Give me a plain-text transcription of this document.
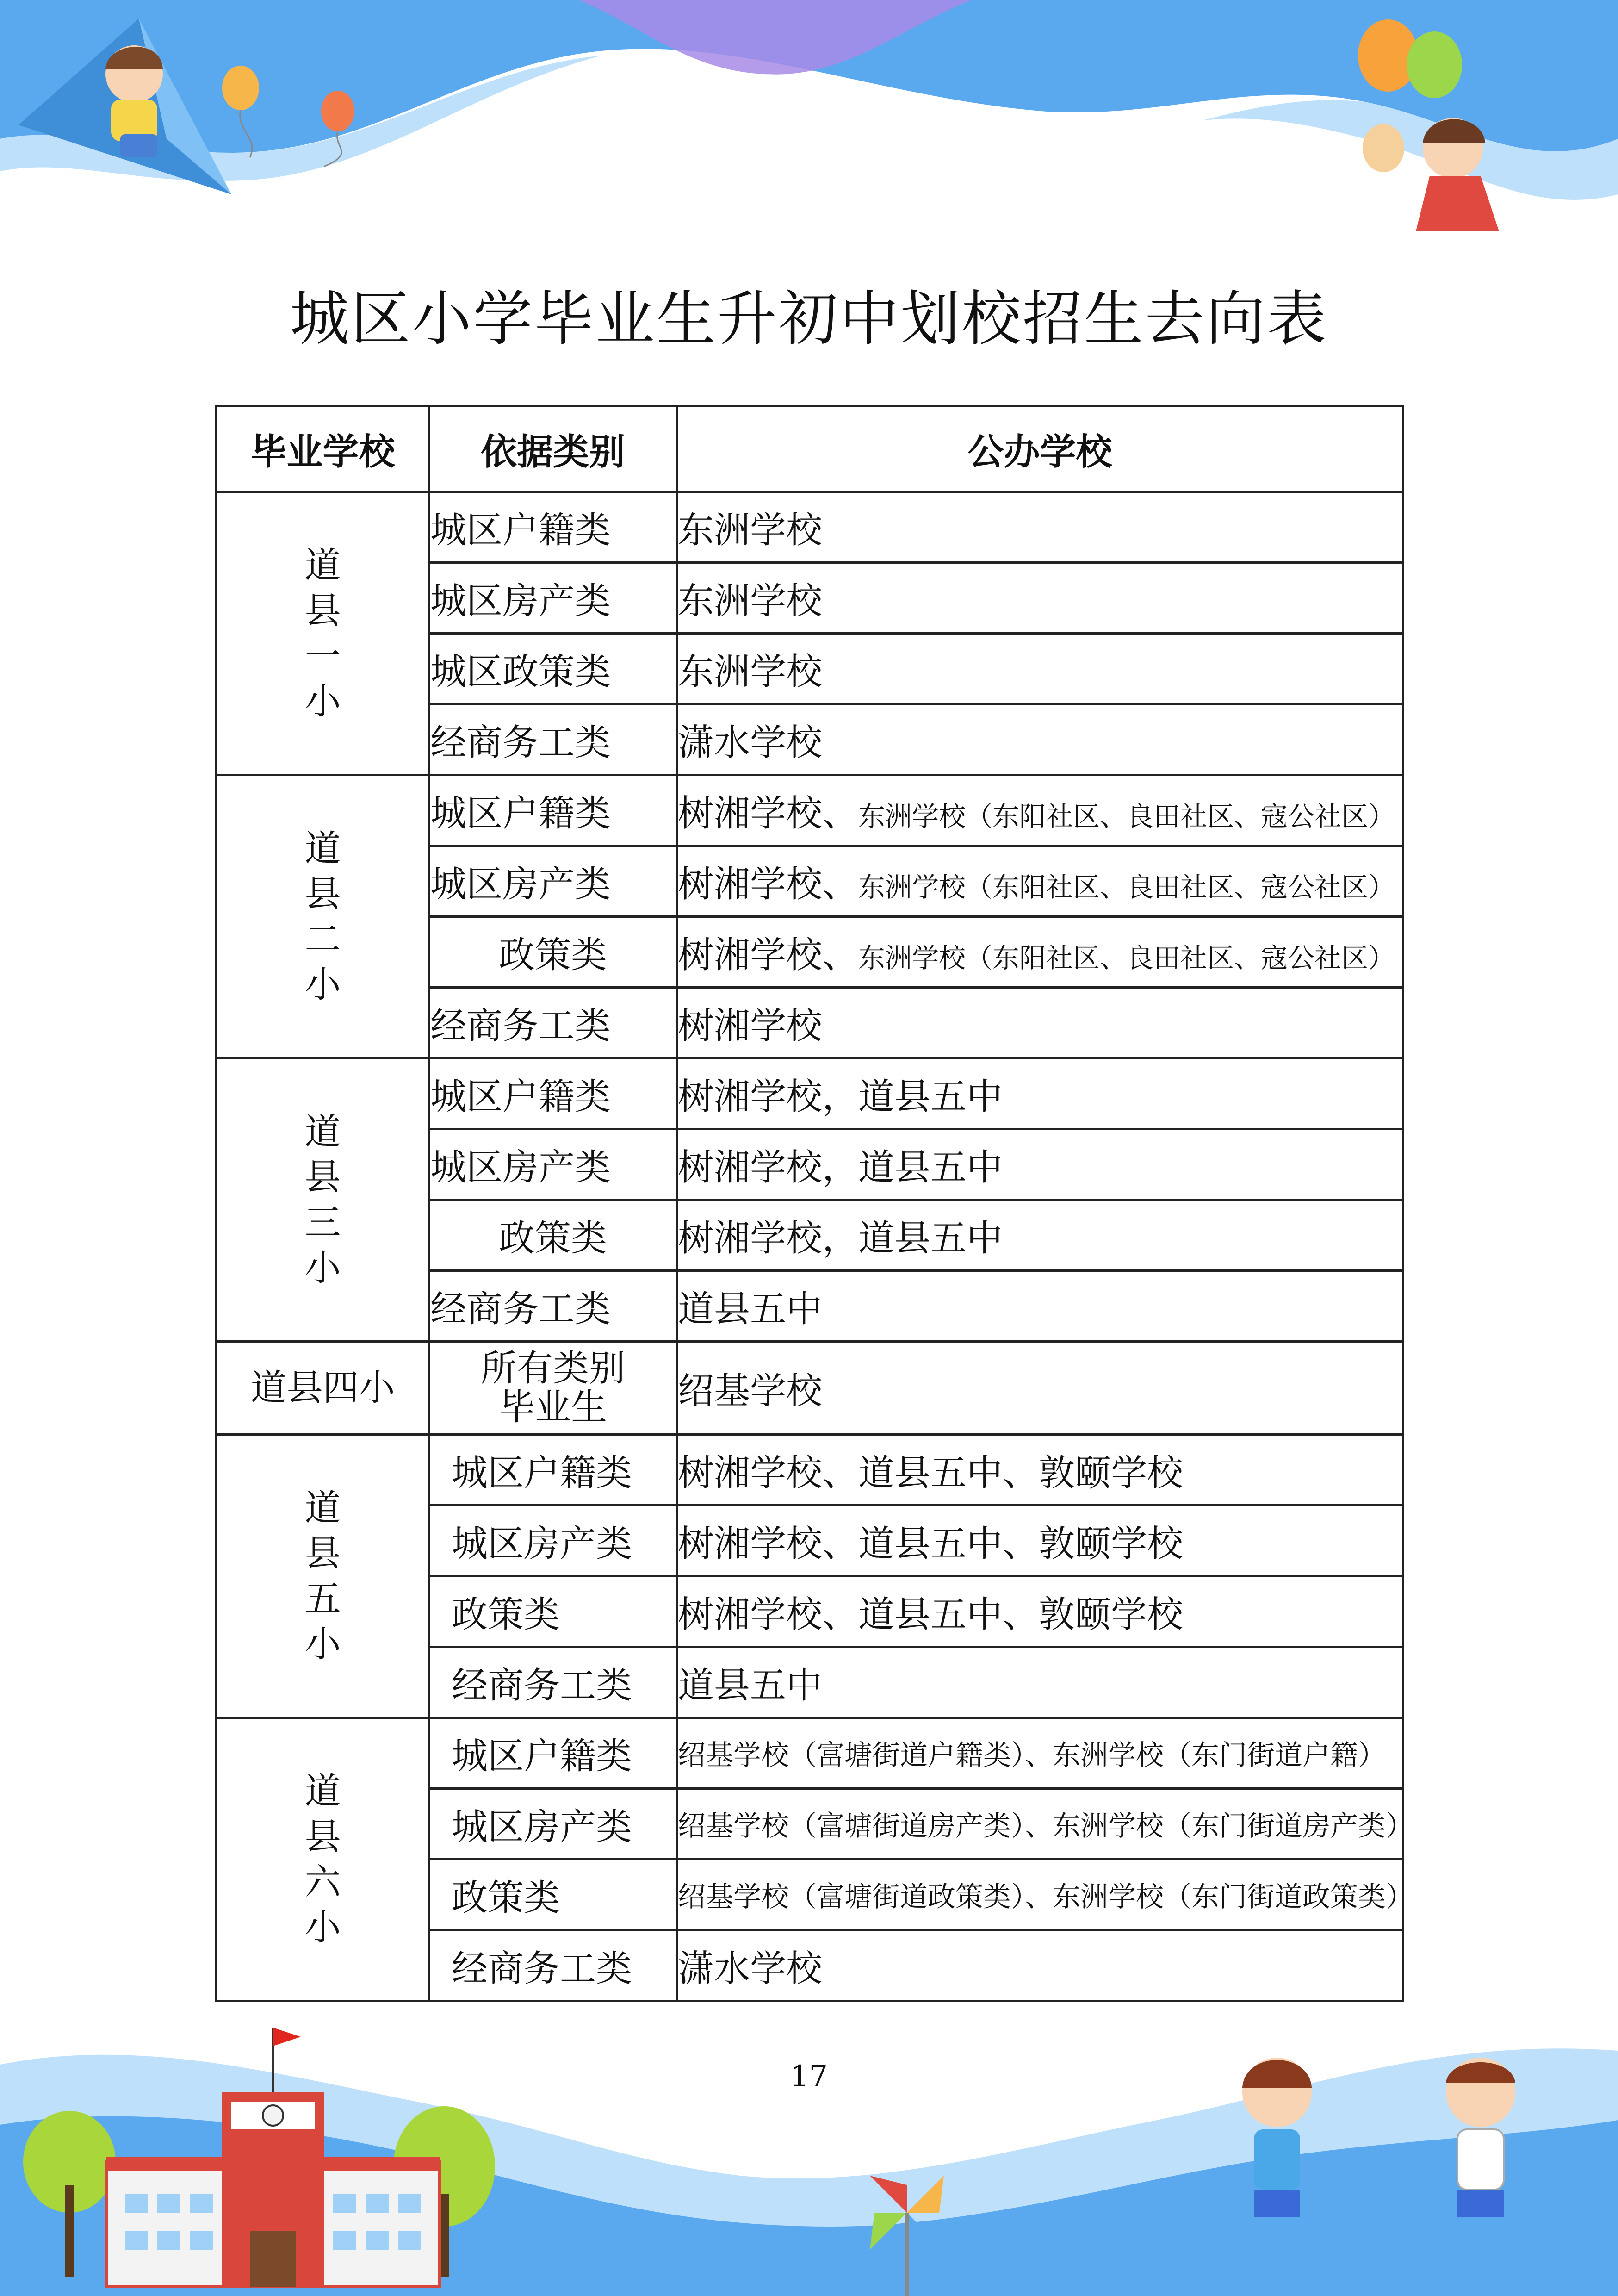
城区小学毕业生升初中划校招生去向表
毕业学校	依据类别	公办学校
道县一小	城区户籍类	东洲学校
	城区房产类	东洲学校
	城区政策类	东洲学校
	经商务工类	潇水学校
道县二小	城区户籍类	树湘学校、东洲学校（东阳社区、良田社区、寇公社区）
	城区房产类	树湘学校、东洲学校（东阳社区、良田社区、寇公社区）
	政策类	树湘学校、东洲学校（东阳社区、良田社区、寇公社区）
	经商务工类	树湘学校
道县三小	城区户籍类	树湘学校，道县五中
	城区房产类	树湘学校，道县五中
	政策类	树湘学校，道县五中
	经商务工类	道县五中
道县四小	所有类别毕业生	绍基学校
道县五小	城区户籍类	树湘学校、道县五中、敦颐学校
	城区房产类	树湘学校、道县五中、敦颐学校
	政策类	树湘学校、道县五中、敦颐学校
	经商务工类	道县五中
道县六小	城区户籍类	绍基学校（富塘街道户籍类）、东洲学校（东门街道户籍）
	城区房产类	绍基学校（富塘街道房产类）、东洲学校（东门街道房产类）
	政策类	绍基学校（富塘街道政策类）、东洲学校（东门街道政策类）
	经商务工类	潇水学校
17
